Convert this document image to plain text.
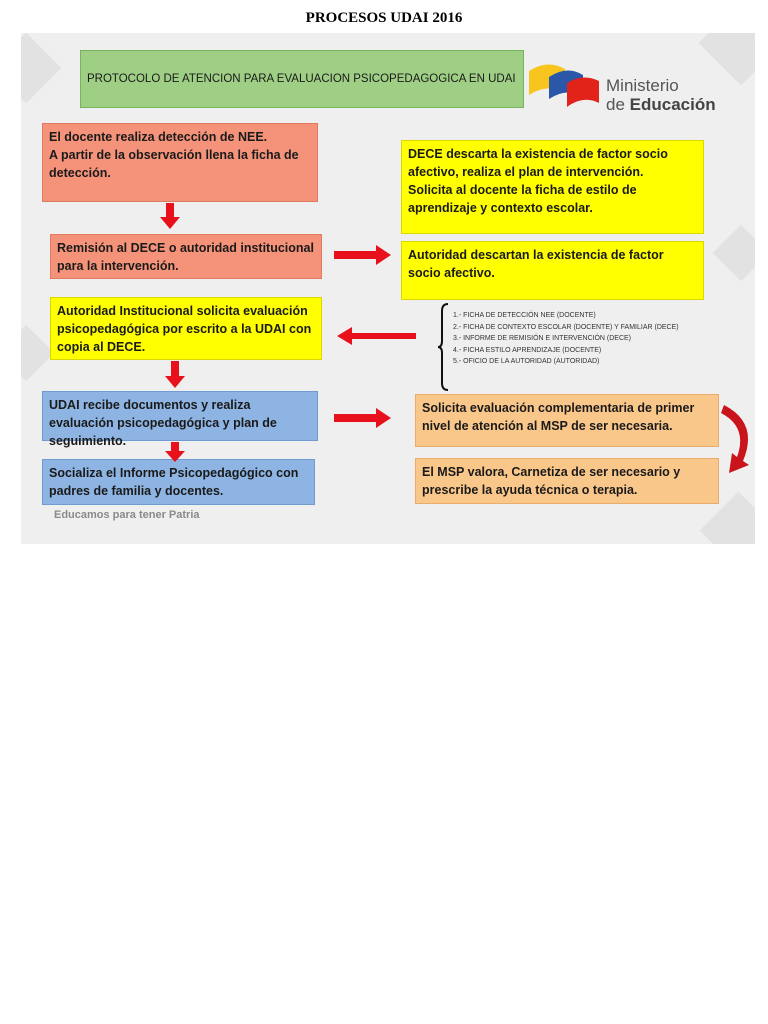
PROCESOS UDAI 2016
PROTOCOLO DE ATENCION PARA EVALUACION PSICOPEDAGOGICA EN UDAI	Ministerio
de Educación
El docente realiza detección de NEE.
A partir de la observación llena la ficha de detección.
Remisión al DECE o autoridad institucional para la intervención.
Autoridad Institucional solicita evaluación psicopedagógica por escrito a la UDAI con copia al DECE.
UDAI recibe documentos y realiza evaluación psicopedagógica y plan de seguimiento.
Socializa el Informe Psicopedagógico con padres de familia y docentes.
DECE descarta la existencia de factor socio afectivo, realiza el plan de intervención.
Solicita al docente la ficha de estilo de aprendizaje y contexto escolar.
Autoridad descartan la existencia de factor socio afectivo.
Solicita evaluación complementaria de primer nivel de atención al MSP de ser necesaria.
El MSP valora, Carnetiza de ser necesario y prescribe la ayuda técnica o terapia.
1.- FICHA DE DETECCIÓN NEE (DOCENTE)
2.- FICHA DE CONTEXTO ESCOLAR (DOCENTE) Y FAMILIAR (DECE)
3.- INFORME DE REMISIÓN E INTERVENCIÓN (DECE)
4.- FICHA ESTILO APRENDIZAJE (DOCENTE)
5.- OFICIO DE LA AUTORIDAD (AUTORIDAD)
Educamos para tener Patria
